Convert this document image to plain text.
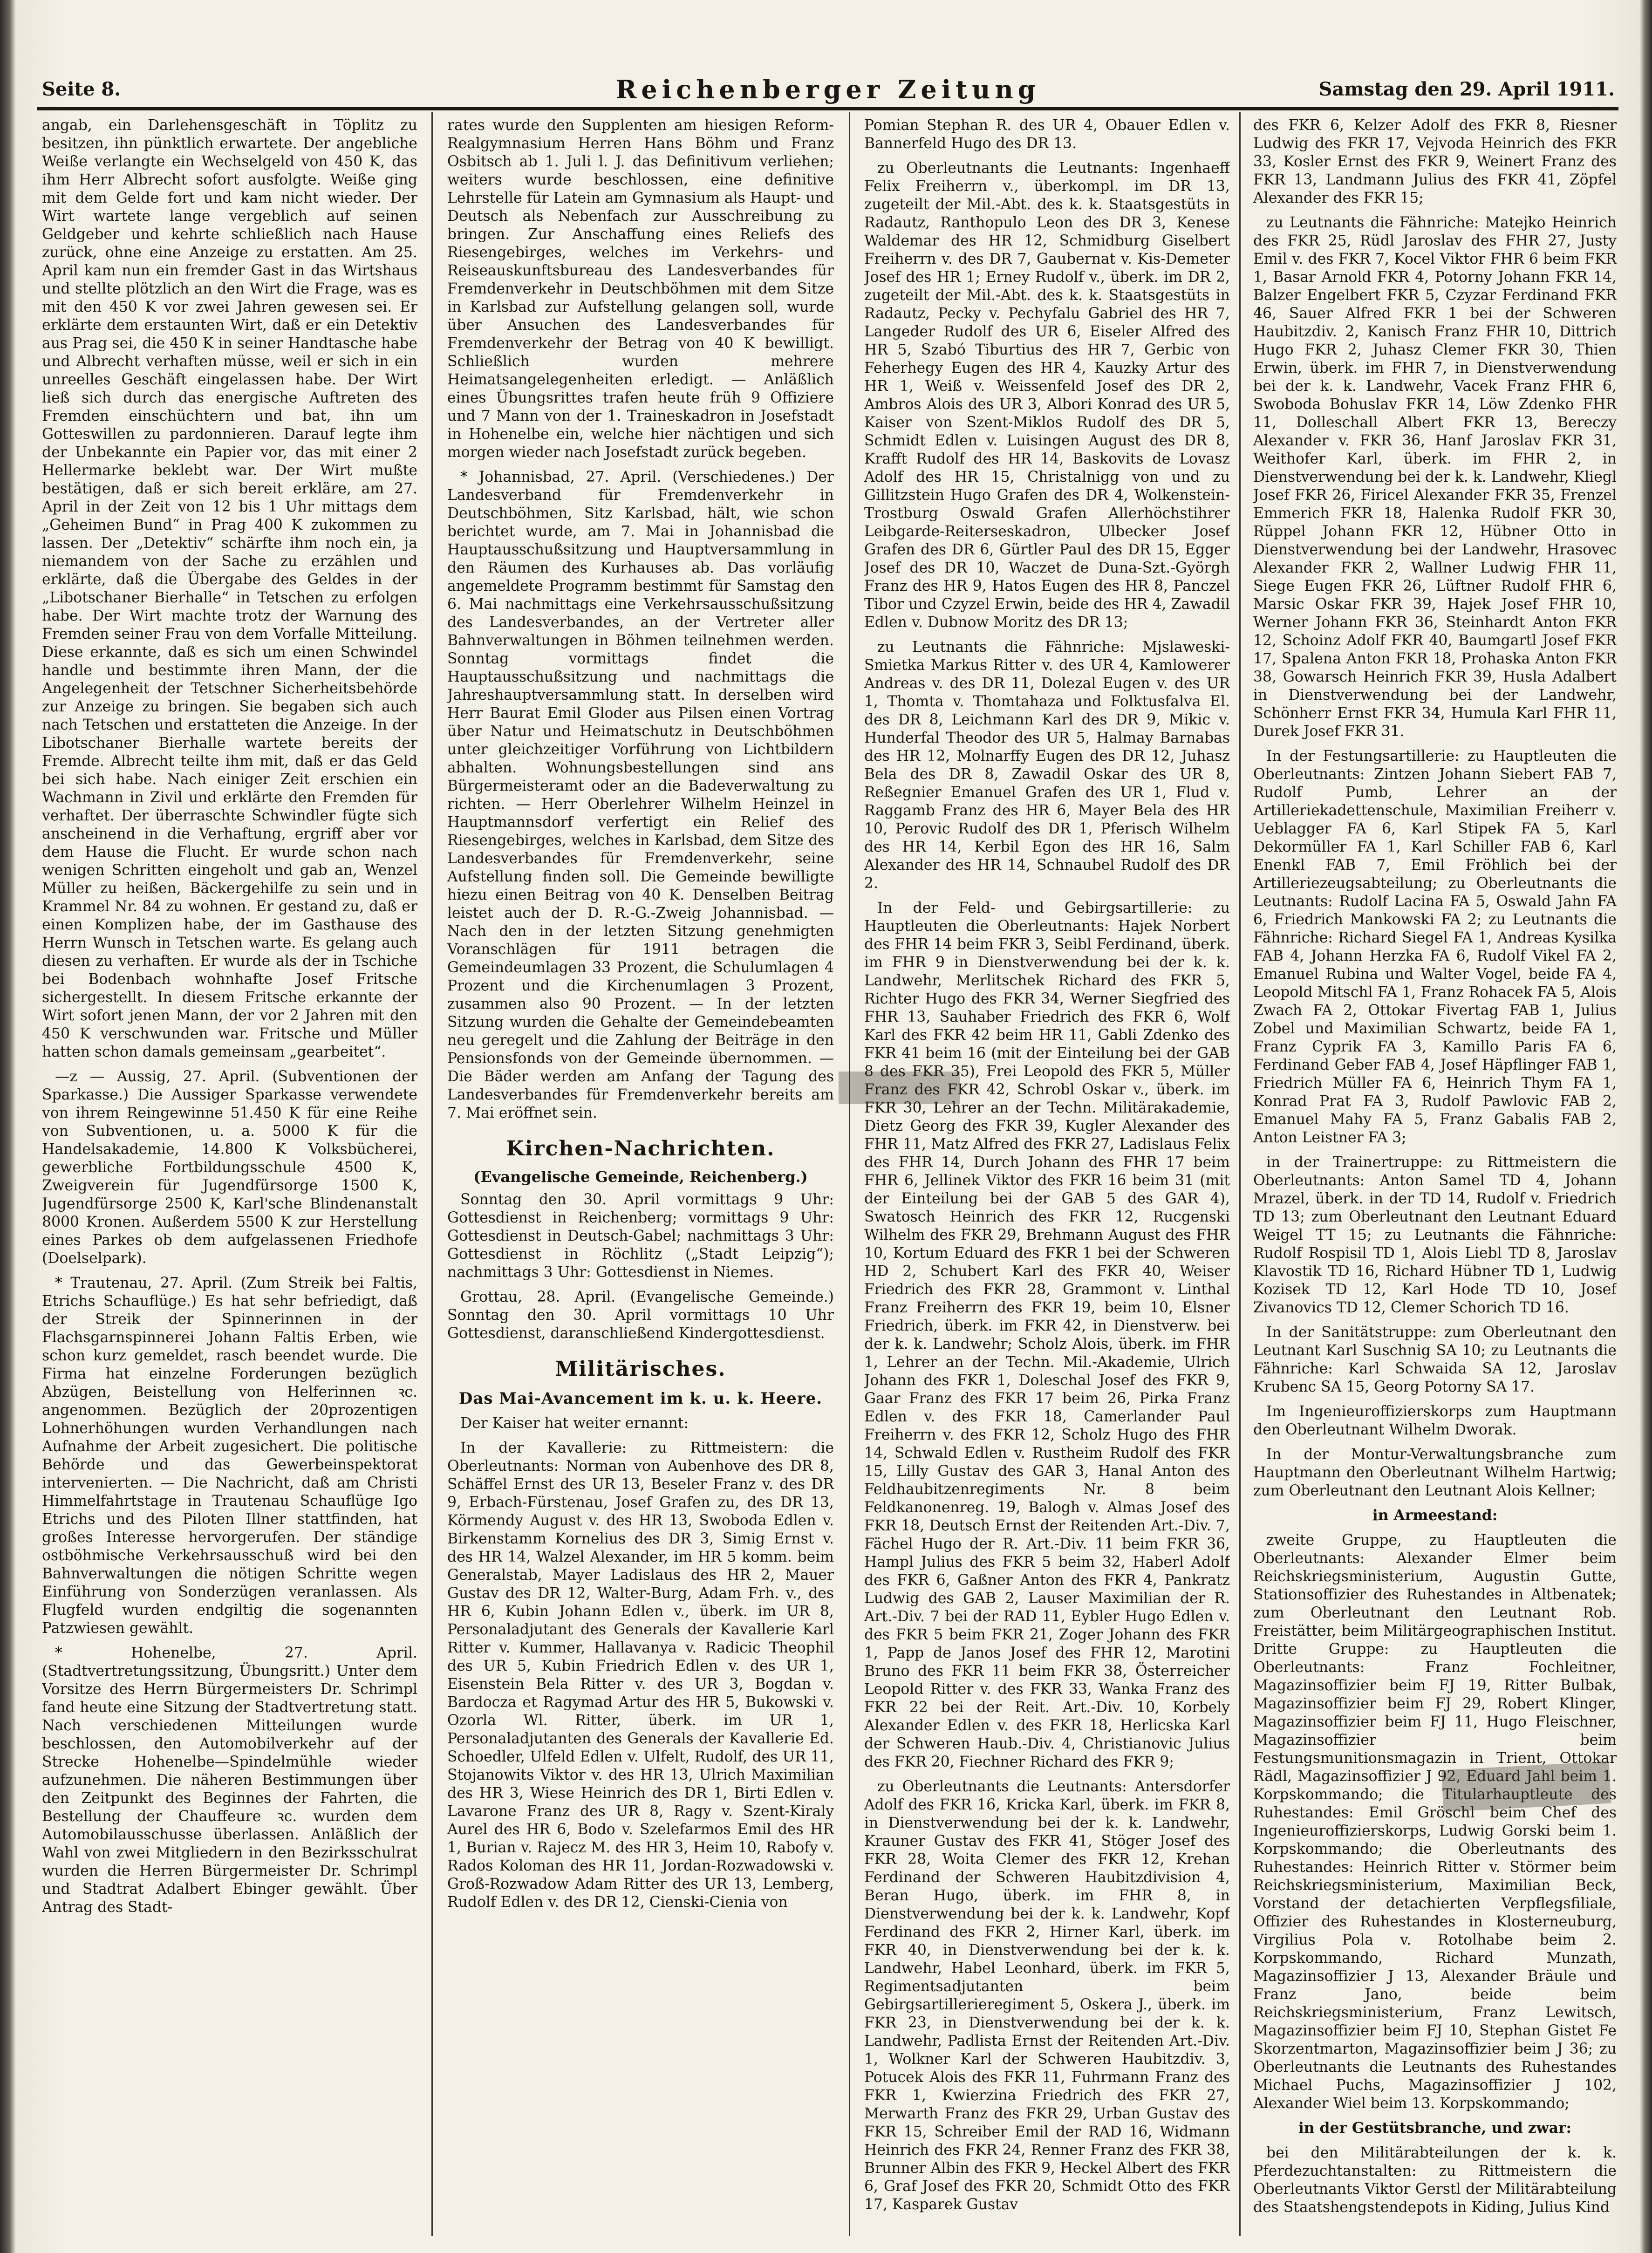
Seite 8.	Reichenberger Zeitung	Samstag den 29. April 1911.

angab, ein Darlehensgeschäft in Töplitz zu besitzen, ihn pünktlich erwartete. Der angebliche Weiße verlangte ein Wechselgeld von 450 K, das ihm Herr Albrecht sofort ausfolgte. Weiße ging mit dem Gelde fort und kam nicht wieder. Der Wirt wartete lange vergeblich auf seinen Geldgeber und kehrte schließlich nach Hause zurück, ohne eine Anzeige zu erstatten. Am 25. April kam nun ein fremder Gast in das Wirtshaus und stellte plötzlich an den Wirt die Frage, was es mit den 450 K vor zwei Jahren gewesen sei. Er erklärte dem erstaunten Wirt, daß er ein Detektiv aus Prag sei, die 450 K in seiner Handtasche habe und Albrecht verhaften müsse, weil er sich in ein unreelles Geschäft eingelassen habe. Der Wirt ließ sich durch das energische Auftreten des Fremden einschüchtern und bat, ihn um Gotteswillen zu pardonnieren. Darauf legte ihm der Unbekannte ein Papier vor, das mit einer 2 Hellermarke beklebt war. Der Wirt mußte bestätigen, daß er sich bereit erkläre, am 27. April in der Zeit von 12 bis 1 Uhr mittags dem „Geheimen Bund“ in Prag 400 K zukommen zu lassen. Der „Detektiv“ schärfte ihm noch ein, ja niemandem von der Sache zu erzählen und erklärte, daß die Übergabe des Geldes in der „Libotschaner Bierhalle“ in Tetschen zu erfolgen habe. Der Wirt machte trotz der Warnung des Fremden seiner Frau von dem Vorfalle Mitteilung. Diese erkannte, daß es sich um einen Schwindel handle und bestimmte ihren Mann, der die Angelegenheit der Tetschner Sicherheitsbehörde zur Anzeige zu bringen. Sie begaben sich auch nach Tetschen und erstatteten die Anzeige. In der Libotschaner Bierhalle wartete bereits der Fremde. Albrecht teilte ihm mit, daß er das Geld bei sich habe. Nach einiger Zeit erschien ein Wachmann in Zivil und erklärte den Fremden für verhaftet. Der überraschte Schwindler fügte sich anscheinend in die Verhaftung, ergriff aber vor dem Hause die Flucht. Er wurde schon nach wenigen Schritten eingeholt und gab an, Wenzel Müller zu heißen, Bäckergehilfe zu sein und in Krammel Nr. 84 zu wohnen. Er gestand zu, daß er einen Komplizen habe, der im Gasthause des Herrn Wunsch in Tetschen warte. Es gelang auch diesen zu verhaften. Er wurde als der in Tschiche bei Bodenbach wohnhafte Josef Fritsche sichergestellt. In diesem Fritsche erkannte der Wirt sofort jenen Mann, der vor 2 Jahren mit den 450 K verschwunden war. Fritsche und Müller hatten schon damals gemeinsam „gearbeitet“.

—z — Aussig, 27. April. (Subventionen der Sparkasse.) Die Aussiger Sparkasse verwendete von ihrem Reingewinne 51.450 K für eine Reihe von Subventionen, u. a. 5000 K für die Handelsakademie, 14.800 K Volksbücherei, gewerbliche Fortbildungsschule 4500 K, Zweigverein für Jugendfürsorge 1500 K, Jugendfürsorge 2500 K, Karl'sche Blindenanstalt 8000 Kronen. Außerdem 5500 K zur Herstellung eines Parkes ob dem aufgelassenen Friedhofe (Doelselpark).

* Trautenau, 27. April. (Zum Streik bei Faltis, Etrichs Schauflüge.) Es hat sehr befriedigt, daß der Streik der Spinnerinnen in der Flachsgarnspinnerei Johann Faltis Erben, wie schon kurz gemeldet, rasch beendet wurde. Die Firma hat einzelne Forderungen bezüglich Abzügen, Beistellung von Helferinnen ꝛc. angenommen. Bezüglich der 20prozentigen Lohnerhöhungen wurden Verhandlungen nach Aufnahme der Arbeit zugesichert. Die politische Behörde und das Gewerbeinspektorat intervenierten. — Die Nachricht, daß am Christi Himmelfahrtstage in Trautenau Schauflüge Igo Etrichs und des Piloten Illner stattfinden, hat großes Interesse hervorgerufen. Der ständige ostböhmische Verkehrsausschuß wird bei den Bahnverwaltungen die nötigen Schritte wegen Einführung von Sonderzügen veranlassen. Als Flugfeld wurden endgiltig die sogenannten Patzwiesen gewählt.

* Hohenelbe, 27. April. (Stadtvertretungssitzung, Übungsritt.) Unter dem Vorsitze des Herrn Bürgermeisters Dr. Schrimpl fand heute eine Sitzung der Stadtvertretung statt. Nach verschiedenen Mitteilungen wurde beschlossen, den Automobilverkehr auf der Strecke Hohenelbe—Spindelmühle wieder aufzunehmen. Die näheren Bestimmungen über den Zeitpunkt des Beginnes der Fahrten, die Bestellung der Chauffeure ꝛc. wurden dem Automobilausschusse überlassen. Anläßlich der Wahl von zwei Mitgliedern in den Bezirksschulrat wurden die Herren Bürgermeister Dr. Schrimpl und Stadtrat Adalbert Ebinger gewählt. Über Antrag des Stadt-

rates wurde den Supplenten am hiesigen Reform-Realgymnasium Herren Hans Böhm und Franz Osbitsch ab 1. Juli l. J. das Definitivum verliehen; weiters wurde beschlossen, eine definitive Lehrstelle für Latein am Gymnasium als Haupt- und Deutsch als Nebenfach zur Ausschreibung zu bringen. Zur Anschaffung eines Reliefs des Riesengebirges, welches im Verkehrs- und Reiseauskunftsbureau des Landesverbandes für Fremdenverkehr in Deutschböhmen mit dem Sitze in Karlsbad zur Aufstellung gelangen soll, wurde über Ansuchen des Landesverbandes für Fremdenverkehr der Betrag von 40 K bewilligt. Schließlich wurden mehrere Heimatsangelegenheiten erledigt. — Anläßlich eines Übungsrittes trafen heute früh 9 Offiziere und 7 Mann von der 1. Traineskadron in Josefstadt in Hohenelbe ein, welche hier nächtigen und sich morgen wieder nach Josefstadt zurück begeben.

* Johannisbad, 27. April. (Verschiedenes.) Der Landesverband für Fremdenverkehr in Deutschböhmen, Sitz Karlsbad, hält, wie schon berichtet wurde, am 7. Mai in Johannisbad die Hauptausschußsitzung und Hauptversammlung in den Räumen des Kurhauses ab. Das vorläufig angemeldete Programm bestimmt für Samstag den 6. Mai nachmittags eine Verkehrsausschußsitzung des Landesverbandes, an der Vertreter aller Bahnverwaltungen in Böhmen teilnehmen werden. Sonntag vormittags findet die Hauptausschußsitzung und nachmittags die Jahreshauptversammlung statt. In derselben wird Herr Baurat Emil Gloder aus Pilsen einen Vortrag über Natur und Heimatschutz in Deutschböhmen unter gleichzeitiger Vorführung von Lichtbildern abhalten. Wohnungsbestellungen sind ans Bürgermeisteramt oder an die Badeverwaltung zu richten. — Herr Oberlehrer Wilhelm Heinzel in Hauptmannsdorf verfertigt ein Relief des Riesengebirges, welches in Karlsbad, dem Sitze des Landesverbandes für Fremdenverkehr, seine Aufstellung finden soll. Die Gemeinde bewilligte hiezu einen Beitrag von 40 K. Denselben Beitrag leistet auch der D. R.-G.-Zweig Johannisbad. — Nach den in der letzten Sitzung genehmigten Voranschlägen für 1911 betragen die Gemeindeumlagen 33 Prozent, die Schulumlagen 4 Prozent und die Kirchenumlagen 3 Prozent, zusammen also 90 Prozent. — In der letzten Sitzung wurden die Gehalte der Gemeindebeamten neu geregelt und die Zahlung der Beiträge in den Pensionsfonds von der Gemeinde übernommen. — Die Bäder werden am Anfang der Tagung des Landesverbandes für Fremdenverkehr bereits am 7. Mai eröffnet sein.

Kirchen-Nachrichten.
(Evangelische Gemeinde, Reichenberg.)

Sonntag den 30. April vormittags 9 Uhr: Gottesdienst in Reichenberg; vormittags 9 Uhr: Gottesdienst in Deutsch-Gabel; nachmittags 3 Uhr: Gottesdienst in Röchlitz („Stadt Leipzig“); nachmittags 3 Uhr: Gottesdienst in Niemes.

Grottau, 28. April. (Evangelische Gemeinde.) Sonntag den 30. April vormittags 10 Uhr Gottesdienst, daranschließend Kindergottesdienst.

Militärisches.
Das Mai-Avancement im k. u. k. Heere.

Der Kaiser hat weiter ernannt:

In der Kavallerie: zu Rittmeistern: die Oberleutnants: Norman von Aubenhove des DR 8, Schäffel Ernst des UR 13, Beseler Franz v. des DR 9, Erbach-Fürstenau, Josef Grafen zu, des DR 13, Körmendy August v. des HR 13, Swoboda Edlen v. Birkenstamm Kornelius des DR 3, Simig Ernst v. des HR 14, Walzel Alexander, im HR 5 komm. beim Generalstab, Mayer Ladislaus des HR 2, Mauer Gustav des DR 12, Walter-Burg, Adam Frh. v., des HR 6, Kubin Johann Edlen v., überk. im UR 8, Personaladjutant des Generals der Kavallerie Karl Ritter v. Kummer, Hallavanya v. Radicic Theophil des UR 5, Kubin Friedrich Edlen v. des UR 1, Eisenstein Bela Ritter v. des UR 3, Bogdan v. Bardocza et Ragymad Artur des HR 5, Bukowski v. Ozorla Wl. Ritter, überk. im UR 1, Personaladjutanten des Generals der Kavallerie Ed. Schoedler, Ulfeld Edlen v. Ulfelt, Rudolf, des UR 11, Stojanowits Viktor v. des HR 13, Ulrich Maximilian des HR 3, Wiese Heinrich des DR 1, Birti Edlen v. Lavarone Franz des UR 8, Ragy v. Szent-Kiraly Aurel des HR 6, Bodo v. Szelefarmos Emil des HR 1, Burian v. Rajecz M. des HR 3, Heim 10, Rabofy v. Rados Koloman des HR 11, Jordan-Rozwadowski v. Groß-Rozwadow Adam Ritter des UR 13, Lemberg, Rudolf Edlen v. des DR 12, Cienski-Cienia von

Pomian Stephan R. des UR 4, Obauer Edlen v. Bannerfeld Hugo des DR 13.

zu Oberleutnants die Leutnants: Ingenhaeff Felix Freiherrn v., überkompl. im DR 13, zugeteilt der Mil.-Abt. des k. k. Staatsgestüts in Radautz, Ranthopulo Leon des DR 3, Kenese Waldemar des HR 12, Schmidburg Giselbert Freiherrn v. des DR 7, Gaubernat v. Kis-Demeter Josef des HR 1; Erney Rudolf v., überk. im DR 2, zugeteilt der Mil.-Abt. des k. k. Staatsgestüts in Radautz, Pecky v. Pechyfalu Gabriel des HR 7, Langeder Rudolf des UR 6, Eiseler Alfred des HR 5, Szabó Tiburtius des HR 7, Gerbic von Feherhegy Eugen des HR 4, Kauzky Artur des HR 1, Weiß v. Weissenfeld Josef des DR 2, Ambros Alois des UR 3, Albori Konrad des UR 5, Kaiser von Szent-Miklos Rudolf des DR 5, Schmidt Edlen v. Luisingen August des DR 8, Krafft Rudolf des HR 14, Baskovits de Lovasz Adolf des HR 15, Christalnigg von und zu Gillitzstein Hugo Grafen des DR 4, Wolkenstein-Trostburg Oswald Grafen Allerhöchstihrer Leibgarde-Reiterseskadron, Ulbecker Josef Grafen des DR 6, Gürtler Paul des DR 15, Egger Josef des DR 10, Waczet de Duna-Szt.-Györgh Franz des HR 9, Hatos Eugen des HR 8, Panczel Tibor und Czyzel Erwin, beide des HR 4, Zawadil Edlen v. Dubnow Moritz des DR 13;

zu Leutnants die Fähnriche: Mjslaweski-Smietka Markus Ritter v. des UR 4, Kamlowerer Andreas v. des DR 11, Dolezal Eugen v. des UR 1, Thomta v. Thomtahaza und Folktusfalva El. des DR 8, Leichmann Karl des DR 9, Mikic v. Hunderfal Theodor des UR 5, Halmay Barnabas des HR 12, Molnarffy Eugen des DR 12, Juhasz Bela des DR 8, Zawadil Oskar des UR 8, Reßegnier Emanuel Grafen des UR 1, Flud v. Raggamb Franz des HR 6, Mayer Bela des HR 10, Perovic Rudolf des DR 1, Pferisch Wilhelm des HR 14, Kerbil Egon des HR 16, Salm Alexander des HR 14, Schnaubel Rudolf des DR 2.

In der Feld- und Gebirgsartillerie: zu Hauptleuten die Oberleutnants: Hajek Norbert des FHR 14 beim FKR 3, Seibl Ferdinand, überk. im FHR 9 in Dienstverwendung bei der k. k. Landwehr, Merlitschek Richard des FKR 5, Richter Hugo des FKR 34, Werner Siegfried des FHR 13, Sauhaber Friedrich des FKR 6, Wolf Karl des FKR 42 beim HR 11, Gabli Zdenko des FKR 41 beim 16 (mit der Einteilung bei der GAB 8 des FKR 35), Frei Leopold des FKR 5, Müller Franz des FKR 42, Schrobl Oskar v., überk. im FKR 30, Lehrer an der Techn. Militärakademie, Dietz Georg des FKR 39, Kugler Alexander des FHR 11, Matz Alfred des FKR 27, Ladislaus Felix des FHR 14, Durch Johann des FHR 17 beim FHR 6, Jellinek Viktor des FKR 16 beim 31 (mit der Einteilung bei der GAB 5 des GAR 4), Swatosch Heinrich des FKR 12, Rucgenski Wilhelm des FKR 29, Brehmann August des FHR 10, Kortum Eduard des FKR 1 bei der Schweren HD 2, Schubert Karl des FKR 40, Weiser Friedrich des FKR 28, Grammont v. Linthal Franz Freiherrn des FKR 19, beim 10, Elsner Friedrich, überk. im FKR 42, in Dienstverw. bei der k. k. Landwehr; Scholz Alois, überk. im FHR 1, Lehrer an der Techn. Mil.-Akademie, Ulrich Johann des FKR 1, Doleschal Josef des FKR 9, Gaar Franz des FKR 17 beim 26, Pirka Franz Edlen v. des FKR 18, Camerlander Paul Freiherrn v. des FKR 12, Scholz Hugo des FHR 14, Schwald Edlen v. Rustheim Rudolf des FKR 15, Lilly Gustav des GAR 3, Hanal Anton des Feldhaubitzenregiments Nr. 8 beim Feldkanonenreg. 19, Balogh v. Almas Josef des FKR 18, Deutsch Ernst der Reitenden Art.-Div. 7, Fächel Hugo der R. Art.-Div. 11 beim FKR 36, Hampl Julius des FKR 5 beim 32, Haberl Adolf des FKR 6, Gaßner Anton des FKR 4, Pankratz Ludwig des GAB 2, Lauser Maximilian der R. Art.-Div. 7 bei der RAD 11, Eybler Hugo Edlen v. des FKR 5 beim FKR 21, Zoger Johann des FKR 1, Papp de Janos Josef des FHR 12, Marotini Bruno des FKR 11 beim FKR 38, Österreicher Leopold Ritter v. des FKR 33, Wanka Franz des FKR 22 bei der Reit. Art.-Div. 10, Korbely Alexander Edlen v. des FKR 18, Herlicska Karl der Schweren Haub.-Div. 4, Christianovic Julius des FKR 20, Fiechner Richard des FKR 9;

zu Oberleutnants die Leutnants: Antersdorfer Adolf des FKR 16, Kricka Karl, überk. im FKR 8, in Dienstverwendung bei der k. k. Landwehr, Krauner Gustav des FKR 41, Stöger Josef des FKR 28, Woita Clemer des FKR 12, Krehan Ferdinand der Schweren Haubitzdivision 4, Beran Hugo, überk. im FHR 8, in Dienstverwendung bei der k. k. Landwehr, Kopf Ferdinand des FKR 2, Hirner Karl, überk. im FKR 40, in Dienstverwendung bei der k. k. Landwehr, Habel Leonhard, überk. im FKR 5, Regimentsadjutanten beim Gebirgsartillerieregiment 5, Oskera J., überk. im FKR 23, in Dienstverwendung bei der k. k. Landwehr, Padlista Ernst der Reitenden Art.-Div. 1, Wolkner Karl der Schweren Haubitzdiv. 3, Potucek Alois des FKR 11, Fuhrmann Franz des FKR 1, Kwierzina Friedrich des FKR 27, Merwarth Franz des FKR 29, Urban Gustav des FKR 15, Schreiber Emil der RAD 16, Widmann Heinrich des FKR 24, Renner Franz des FKR 38, Brunner Albin des FKR 9, Heckel Albert des FKR 6, Graf Josef des FKR 20, Schmidt Otto des FKR 17, Kasparek Gustav

des FKR 6, Kelzer Adolf des FKR 8, Riesner Ludwig des FKR 17, Vejvoda Heinrich des FKR 33, Kosler Ernst des FKR 9, Weinert Franz des FKR 13, Landmann Julius des FKR 41, Zöpfel Alexander des FKR 15;

zu Leutnants die Fähnriche: Matejko Heinrich des FKR 25, Rüdl Jaroslav des FHR 27, Justy Emil v. des FKR 7, Kocel Viktor FHR 6 beim FKR 1, Basar Arnold FKR 4, Potorny Johann FKR 14, Balzer Engelbert FKR 5, Czyzar Ferdinand FKR 46, Sauer Alfred FKR 1 bei der Schweren Haubitzdiv. 2, Kanisch Franz FHR 10, Dittrich Hugo FKR 2, Juhasz Clemer FKR 30, Thien Erwin, überk. im FHR 7, in Dienstverwendung bei der k. k. Landwehr, Vacek Franz FHR 6, Swoboda Bohuslav FKR 14, Löw Zdenko FHR 11, Dolleschall Albert FKR 13, Bereczy Alexander v. FKR 36, Hanf Jaroslav FKR 31, Weithofer Karl, überk. im FHR 2, in Dienstverwendung bei der k. k. Landwehr, Kliegl Josef FKR 26, Firicel Alexander FKR 35, Frenzel Emmerich FKR 18, Halenka Rudolf FKR 30, Rüppel Johann FKR 12, Hübner Otto in Dienstverwendung bei der Landwehr, Hrasovec Alexander FKR 2, Wallner Ludwig FHR 11, Siege Eugen FKR 26, Lüftner Rudolf FHR 6, Marsic Oskar FKR 39, Hajek Josef FHR 10, Werner Johann FKR 36, Steinhardt Anton FKR 12, Schoinz Adolf FKR 40, Baumgartl Josef FKR 17, Spalena Anton FKR 18, Prohaska Anton FKR 38, Gowarsch Heinrich FKR 39, Husla Adalbert in Dienstverwendung bei der Landwehr, Schönherr Ernst FKR 34, Humula Karl FHR 11, Durek Josef FKR 31.

In der Festungsartillerie: zu Hauptleuten die Oberleutnants: Zintzen Johann Siebert FAB 7, Rudolf Pumb, Lehrer an der Artilleriekadettenschule, Maximilian Freiherr v. Ueblagger FA 6, Karl Stipek FA 5, Karl Dekormüller FA 1, Karl Schiller FAB 6, Karl Enenkl FAB 7, Emil Fröhlich bei der Artilleriezeugsabteilung; zu Oberleutnants die Leutnants: Rudolf Lacina FA 5, Oswald Jahn FA 6, Friedrich Mankowski FA 2; zu Leutnants die Fähnriche: Richard Siegel FA 1, Andreas Kysilka FAB 4, Johann Herzka FA 6, Rudolf Vikel FA 2, Emanuel Rubina und Walter Vogel, beide FA 4, Leopold Mitschl FA 1, Franz Rohacek FA 5, Alois Zwach FA 2, Ottokar Fivertag FAB 1, Julius Zobel und Maximilian Schwartz, beide FA 1, Franz Cyprik FA 3, Kamillo Paris FA 6, Ferdinand Geber FAB 4, Josef Häpflinger FAB 1, Friedrich Müller FA 6, Heinrich Thym FA 1, Konrad Prat FA 3, Rudolf Pawlovic FAB 2, Emanuel Mahy FA 5, Franz Gabalis FAB 2, Anton Leistner FA 3;

in der Trainertruppe: zu Rittmeistern die Oberleutnants: Anton Samel TD 4, Johann Mrazel, überk. in der TD 14, Rudolf v. Friedrich TD 13; zum Oberleutnant den Leutnant Eduard Weigel TT 15; zu Leutnants die Fähnriche: Rudolf Rospisil TD 1, Alois Liebl TD 8, Jaroslav Klavostik TD 16, Richard Hübner TD 1, Ludwig Kozisek TD 12, Karl Hode TD 10, Josef Zivanovics TD 12, Clemer Schorich TD 16.

In der Sanitätstruppe: zum Oberleutnant den Leutnant Karl Suschnig SA 10; zu Leutnants die Fähnriche: Karl Schwaida SA 12, Jaroslav Krubenc SA 15, Georg Potorny SA 17.

Im Ingenieuroffizierskorps zum Hauptmann den Oberleutnant Wilhelm Dworak.

In der Montur-Verwaltungsbranche zum Hauptmann den Oberleutnant Wilhelm Hartwig; zum Oberleutnant den Leutnant Alois Kellner;

in Armeestand:

zweite Gruppe, zu Hauptleuten die Oberleutnants: Alexander Elmer beim Reichskriegsministerium, Augustin Gutte, Stationsoffizier des Ruhestandes in Altbenatek; zum Oberleutnant den Leutnant Rob. Freistätter, beim Militärgeographischen Institut. Dritte Gruppe: zu Hauptleuten die Oberleutnants: Franz Fochleitner, Magazinsoffizier beim FJ 19, Ritter Bulbak, Magazinsoffizier beim FJ 29, Robert Klinger, Magazinsoffizier beim FJ 11, Hugo Fleischner, Magazinsoffizier beim Festungsmunitionsmagazin in Trient, Ottokar Rädl, Magazinsoffizier J 92, Eduard Jahl beim 1. Korpskommando; die Titularhauptleute des Ruhestandes: Emil Gröschl beim Chef des Ingenieuroffizierskorps, Ludwig Gorski beim 1. Korpskommando; die Oberleutnants des Ruhestandes: Heinrich Ritter v. Störmer beim Reichskriegsministerium, Maximilian Beck, Vorstand der detachierten Verpflegsfiliale, Offizier des Ruhestandes in Klosterneuburg, Virgilius Pola v. Rotolhabe beim 2. Korpskommando, Richard Munzath, Magazinsoffizier J 13, Alexander Bräule und Franz Jano, beide beim Reichskriegsministerium, Franz Lewitsch, Magazinsoffizier beim FJ 10, Stephan Gistet Fe Skorzentmarton, Magazinsoffizier beim J 36; zu Oberleutnants die Leutnants des Ruhestandes Michael Puchs, Magazinsoffizier J 102, Alexander Wiel beim 13. Korpskommando;

in der Gestütsbranche, und zwar:

bei den Militärabteilungen der k. k. Pferdezuchtanstalten: zu Rittmeistern die Oberleutnants Viktor Gerstl der Militärabteilung des Staatshengstendepots in Kiding, Julius Kind
